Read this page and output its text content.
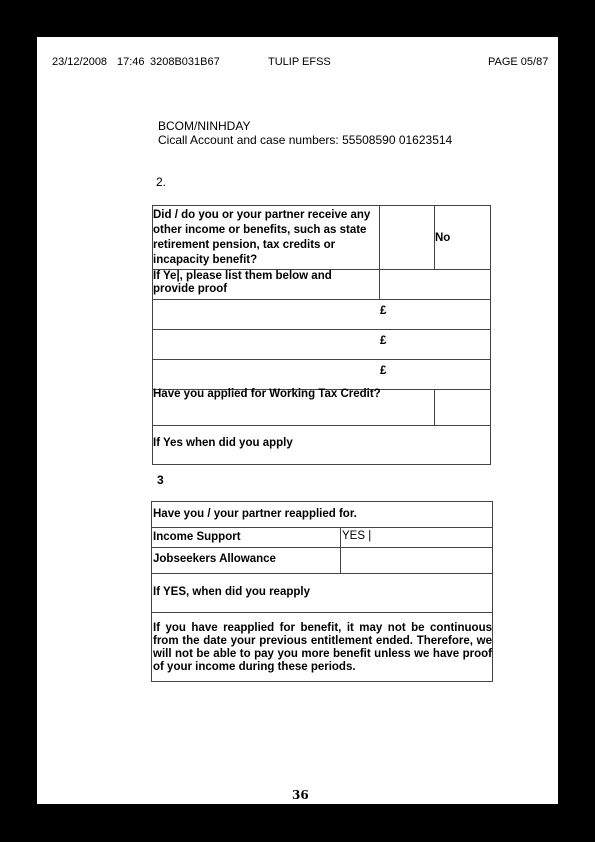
23/12/2008 17:46 3208B031B67	TULIP EFSS	PAGE 05/87
BCOM/NINHDAY
Cicall Account and case numbers: 55508590 01623514
2.
Did / do you or your partner receive any other income or benefits, such as state retirement pension, tax credits or incapacity benefit?
No
If Ye|, please list them below and provide proof
£
£
£
Have you applied for Working Tax Credit?
If Yes when did you apply
3
Have you / your partner reapplied for.
Income Support	YES |
Jobseekers Allowance
If YES, when did you reapply
If you have reapplied for benefit, it may not be continuous from the date your previous entitlement ended. Therefore, we will not be able to pay you more benefit unless we have proof of your income during these periods.
36
